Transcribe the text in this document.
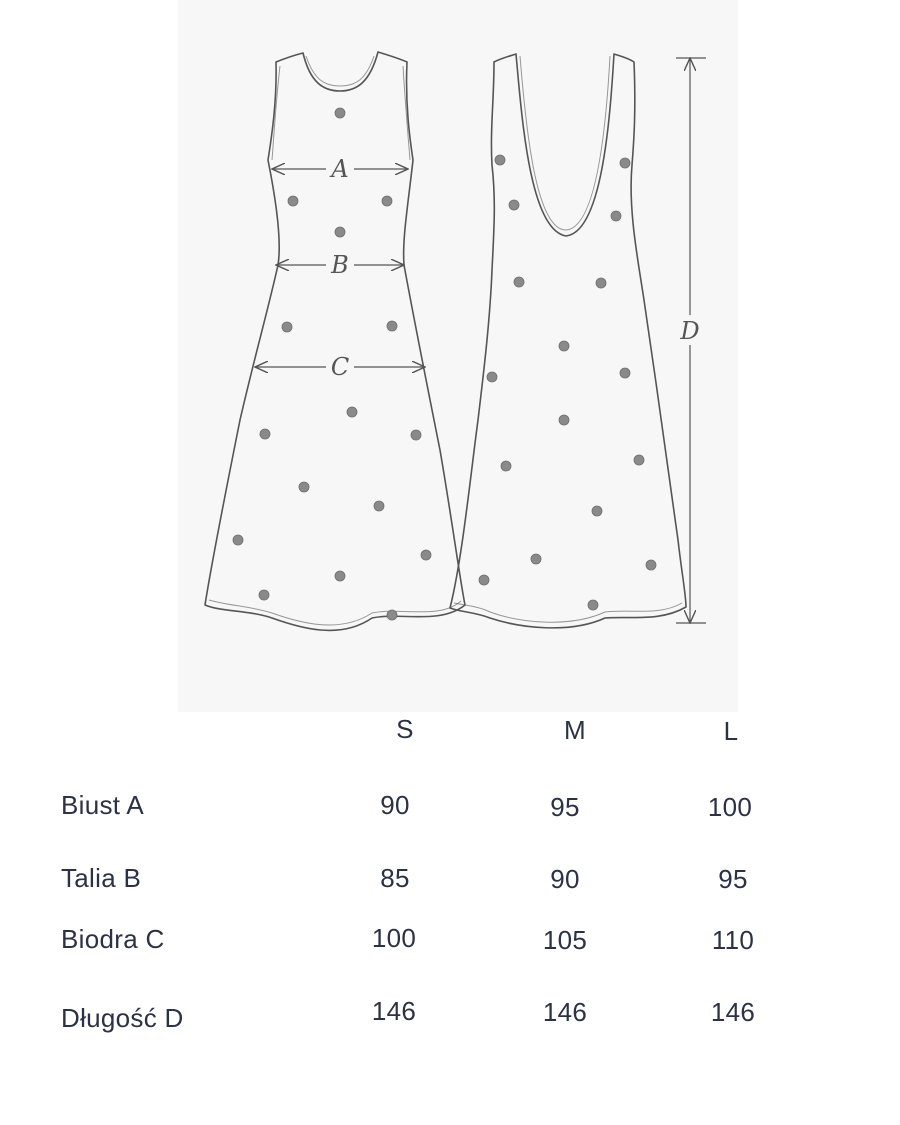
A
B
C
D
S	M	L
Biust A	90	95	100
Talia B	85	90	95
Biodra C	100	105	110
Długość D	146	146	146
